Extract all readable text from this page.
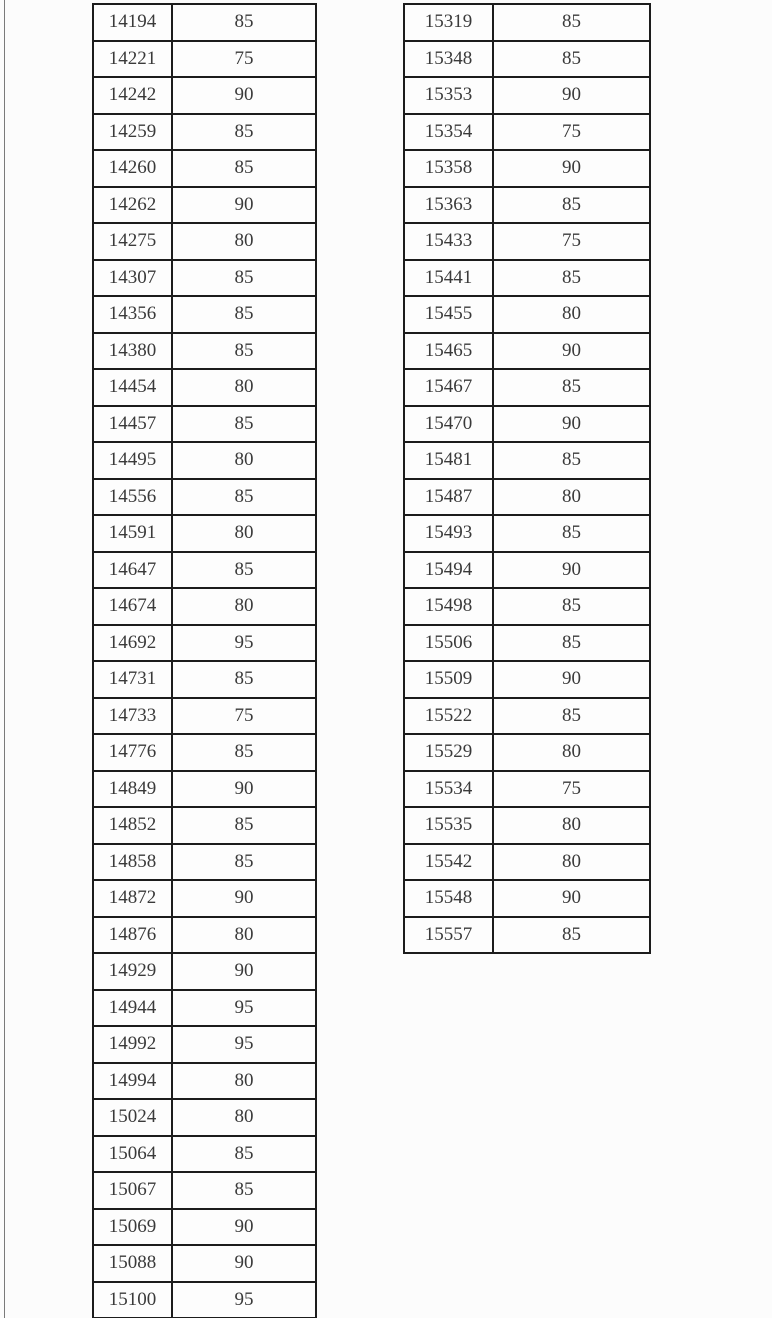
14194	85
14221	75
14242	90
14259	85
14260	85
14262	90
14275	80
14307	85
14356	85
14380	85
14454	80
14457	85
14495	80
14556	85
14591	80
14647	85
14674	80
14692	95
14731	85
14733	75
14776	85
14849	90
14852	85
14858	85
14872	90
14876	80
14929	90
14944	95
14992	95
14994	80
15024	80
15064	85
15067	85
15069	90
15088	90
15100	95
15319	85
15348	85
15353	90
15354	75
15358	90
15363	85
15433	75
15441	85
15455	80
15465	90
15467	85
15470	90
15481	85
15487	80
15493	85
15494	90
15498	85
15506	85
15509	90
15522	85
15529	80
15534	75
15535	80
15542	80
15548	90
15557	85
